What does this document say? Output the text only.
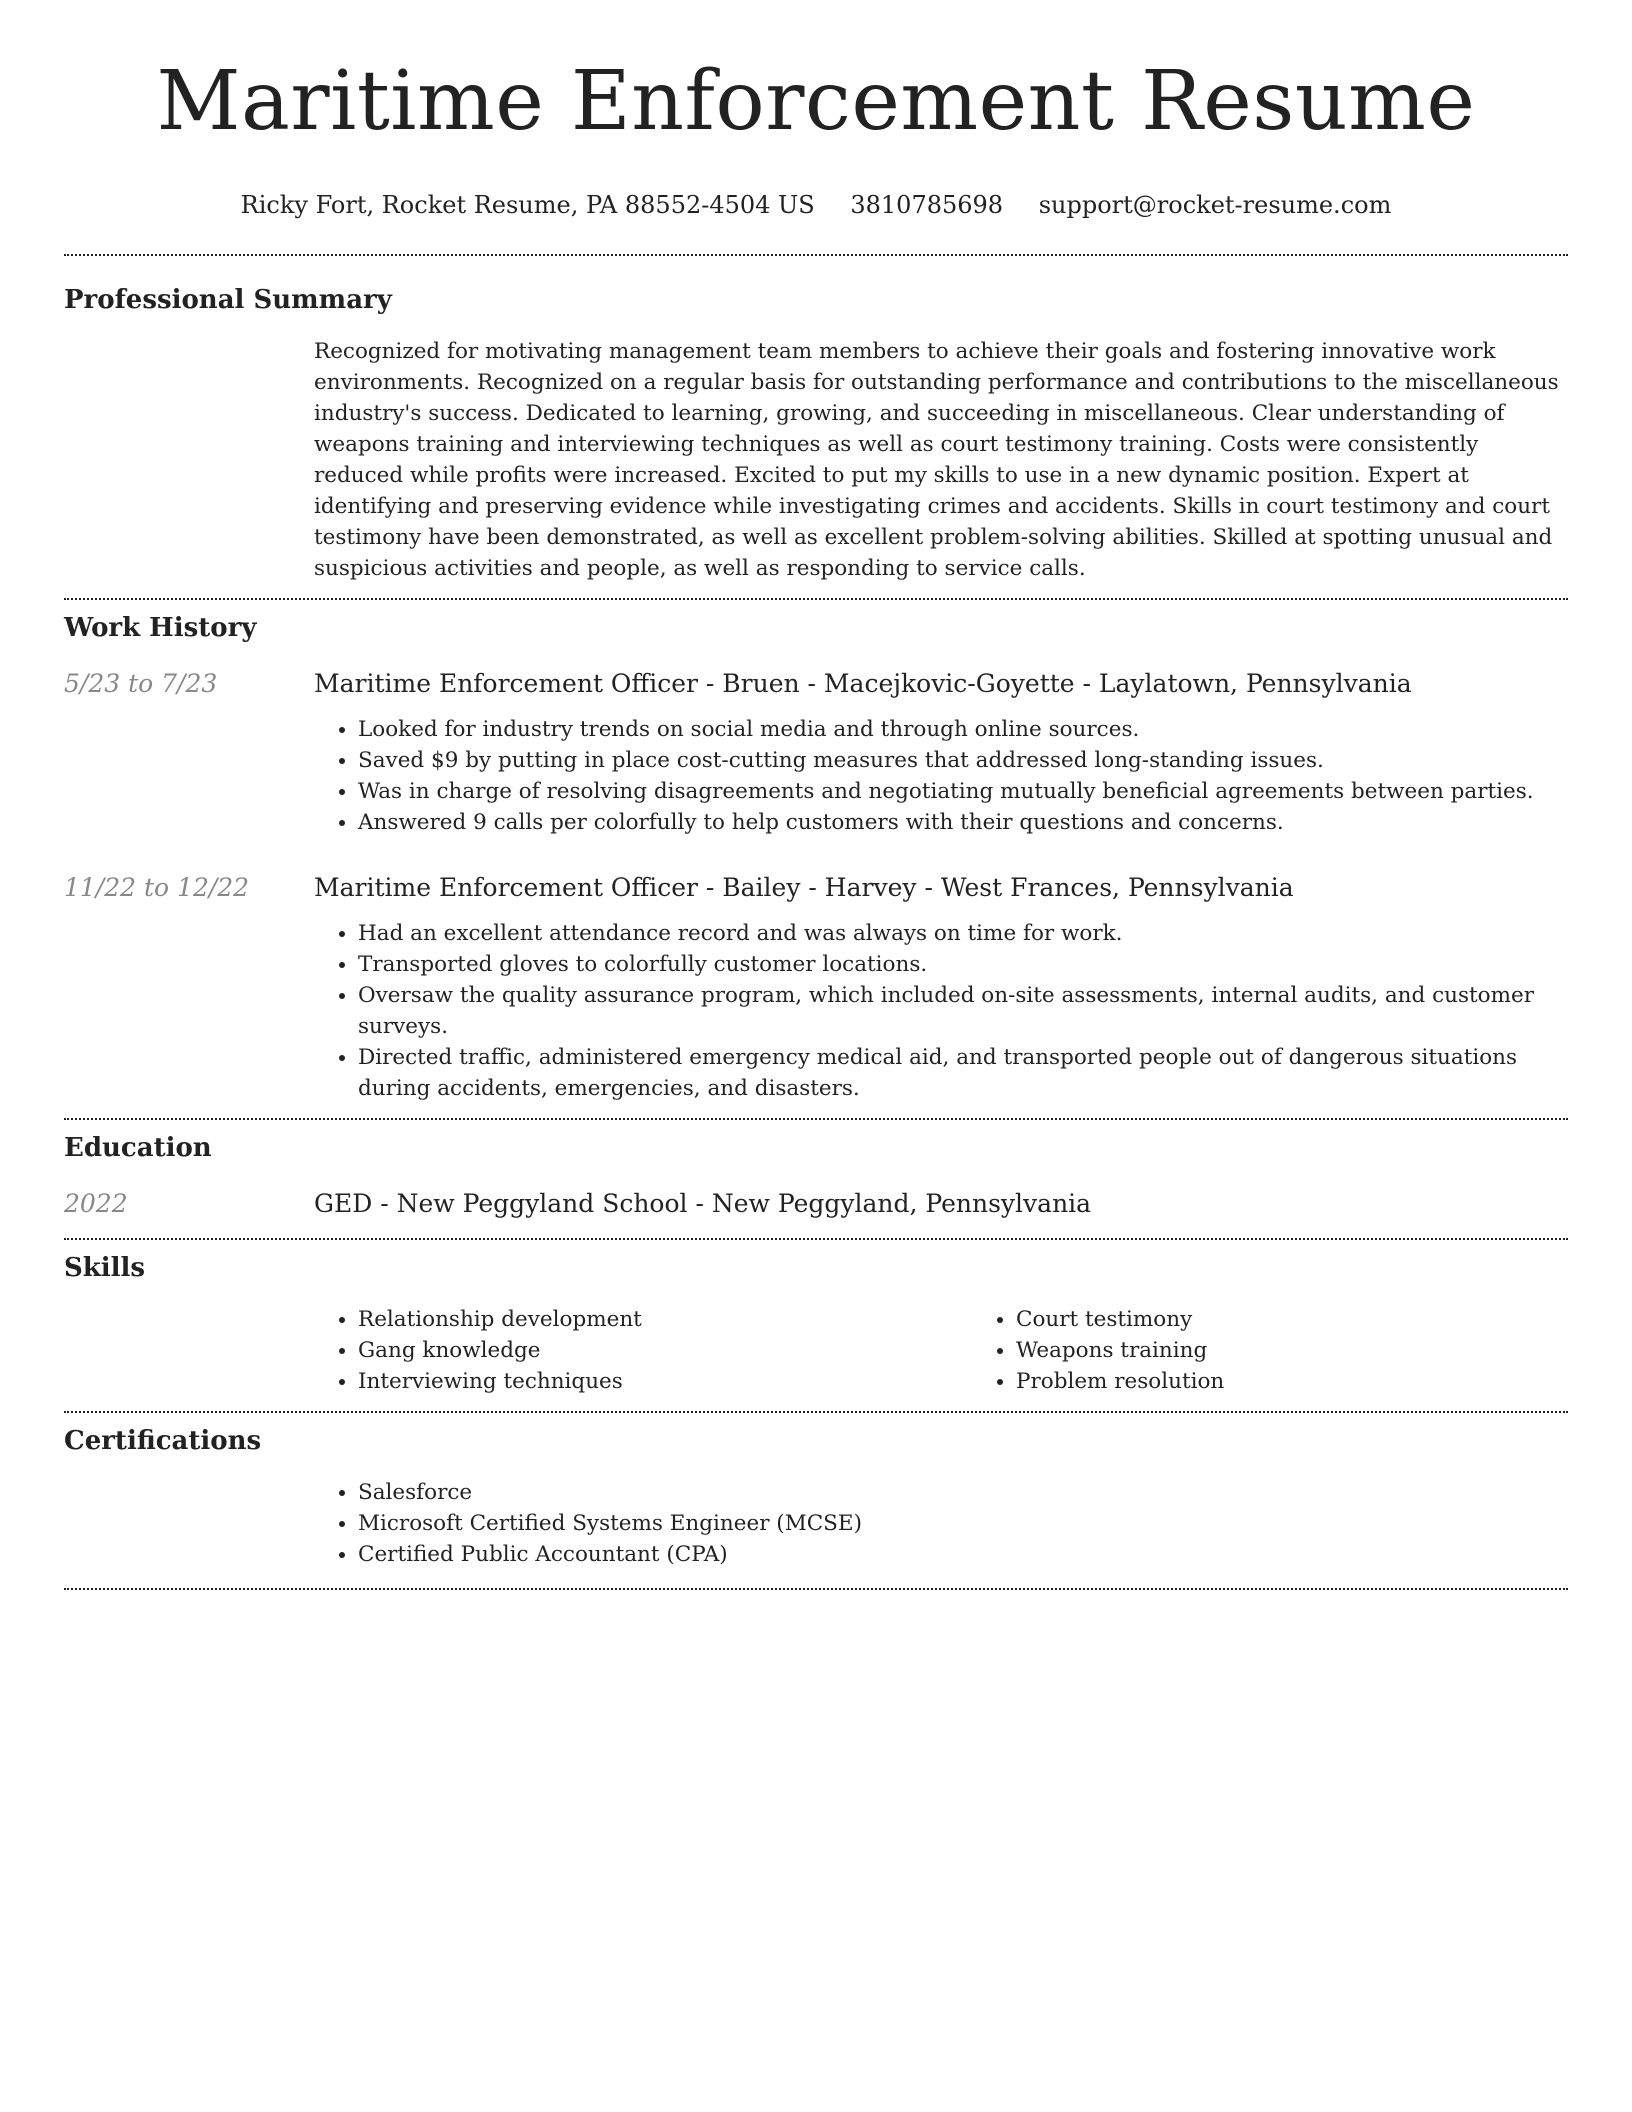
Maritime Enforcement Resume
Ricky Fort, Rocket Resume, PA 88552-4504 US 3810785698 support@rocket-resume.com
Professional Summary
Recognized for motivating management team members to achieve their goals and fostering innovative work environments. Recognized on a regular basis for outstanding performance and contributions to the miscellaneous industry's success. Dedicated to learning, growing, and succeeding in miscellaneous. Clear understanding of weapons training and interviewing techniques as well as court testimony training. Costs were consistently reduced while profits were increased. Excited to put my skills to use in a new dynamic position. Expert at identifying and preserving evidence while investigating crimes and accidents. Skills in court testimony and court testimony have been demonstrated, as well as excellent problem-solving abilities. Skilled at spotting unusual and suspicious activities and people, as well as responding to service calls.
Work History
5/23 to 7/23	Maritime Enforcement Officer - Bruen - Macejkovic-Goyette - Laylatown, Pennsylvania
• Looked for industry trends on social media and through online sources.
• Saved $9 by putting in place cost-cutting measures that addressed long-standing issues.
• Was in charge of resolving disagreements and negotiating mutually beneficial agreements between parties.
• Answered 9 calls per colorfully to help customers with their questions and concerns.
11/22 to 12/22	Maritime Enforcement Officer - Bailey - Harvey - West Frances, Pennsylvania
• Had an excellent attendance record and was always on time for work.
• Transported gloves to colorfully customer locations.
• Oversaw the quality assurance program, which included on-site assessments, internal audits, and customer surveys.
• Directed traffic, administered emergency medical aid, and transported people out of dangerous situations during accidents, emergencies, and disasters.
Education
2022	GED - New Peggyland School - New Peggyland, Pennsylvania
Skills
• Relationship development
• Gang knowledge
• Interviewing techniques
• Court testimony
• Weapons training
• Problem resolution
Certifications
• Salesforce
• Microsoft Certified Systems Engineer (MCSE)
• Certified Public Accountant (CPA)
